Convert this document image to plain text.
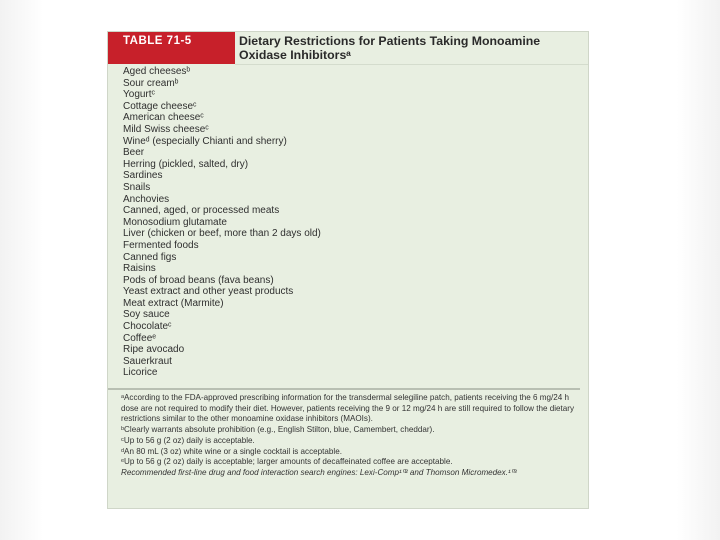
TABLE 71-5	Dietary Restrictions for Patients Taking Monoamine Oxidase Inhibitorsᵃ
Aged cheesesᵇ
Sour creamᵇ
Yogurtᶜ
Cottage cheeseᶜ
American cheeseᶜ
Mild Swiss cheeseᶜ
Wineᵈ (especially Chianti and sherry)
Beer
Herring (pickled, salted, dry)
Sardines
Snails
Anchovies
Canned, aged, or processed meats
Monosodium glutamate
Liver (chicken or beef, more than 2 days old)
Fermented foods
Canned figs
Raisins
Pods of broad beans (fava beans)
Yeast extract and other yeast products
Meat extract (Marmite)
Soy sauce
Chocolateᶜ
Coffeeᵉ
Ripe avocado
Sauerkraut
Licorice
ᵃAccording to the FDA-approved prescribing information for the transdermal selegiline patch, patients receiving the 6 mg/24 h dose are not required to modify their diet. However, patients receiving the 9 or 12 mg/24 h are still required to follow the dietary restrictions similar to the other monoamine oxidase inhibitors (MAOIs).
ᵇClearly warrants absolute prohibition (e.g., English Stilton, blue, Camembert, cheddar).
ᶜUp to 56 g (2 oz) daily is acceptable.
ᵈAn 80 mL (3 oz) white wine or a single cocktail is acceptable.
ᵉUp to 56 g (2 oz) daily is acceptable; larger amounts of decaffeinated coffee are acceptable.
Recommended first-line drug and food interaction search engines: Lexi-Comp¹⁰² and Thomson Micromedex.¹⁰³
